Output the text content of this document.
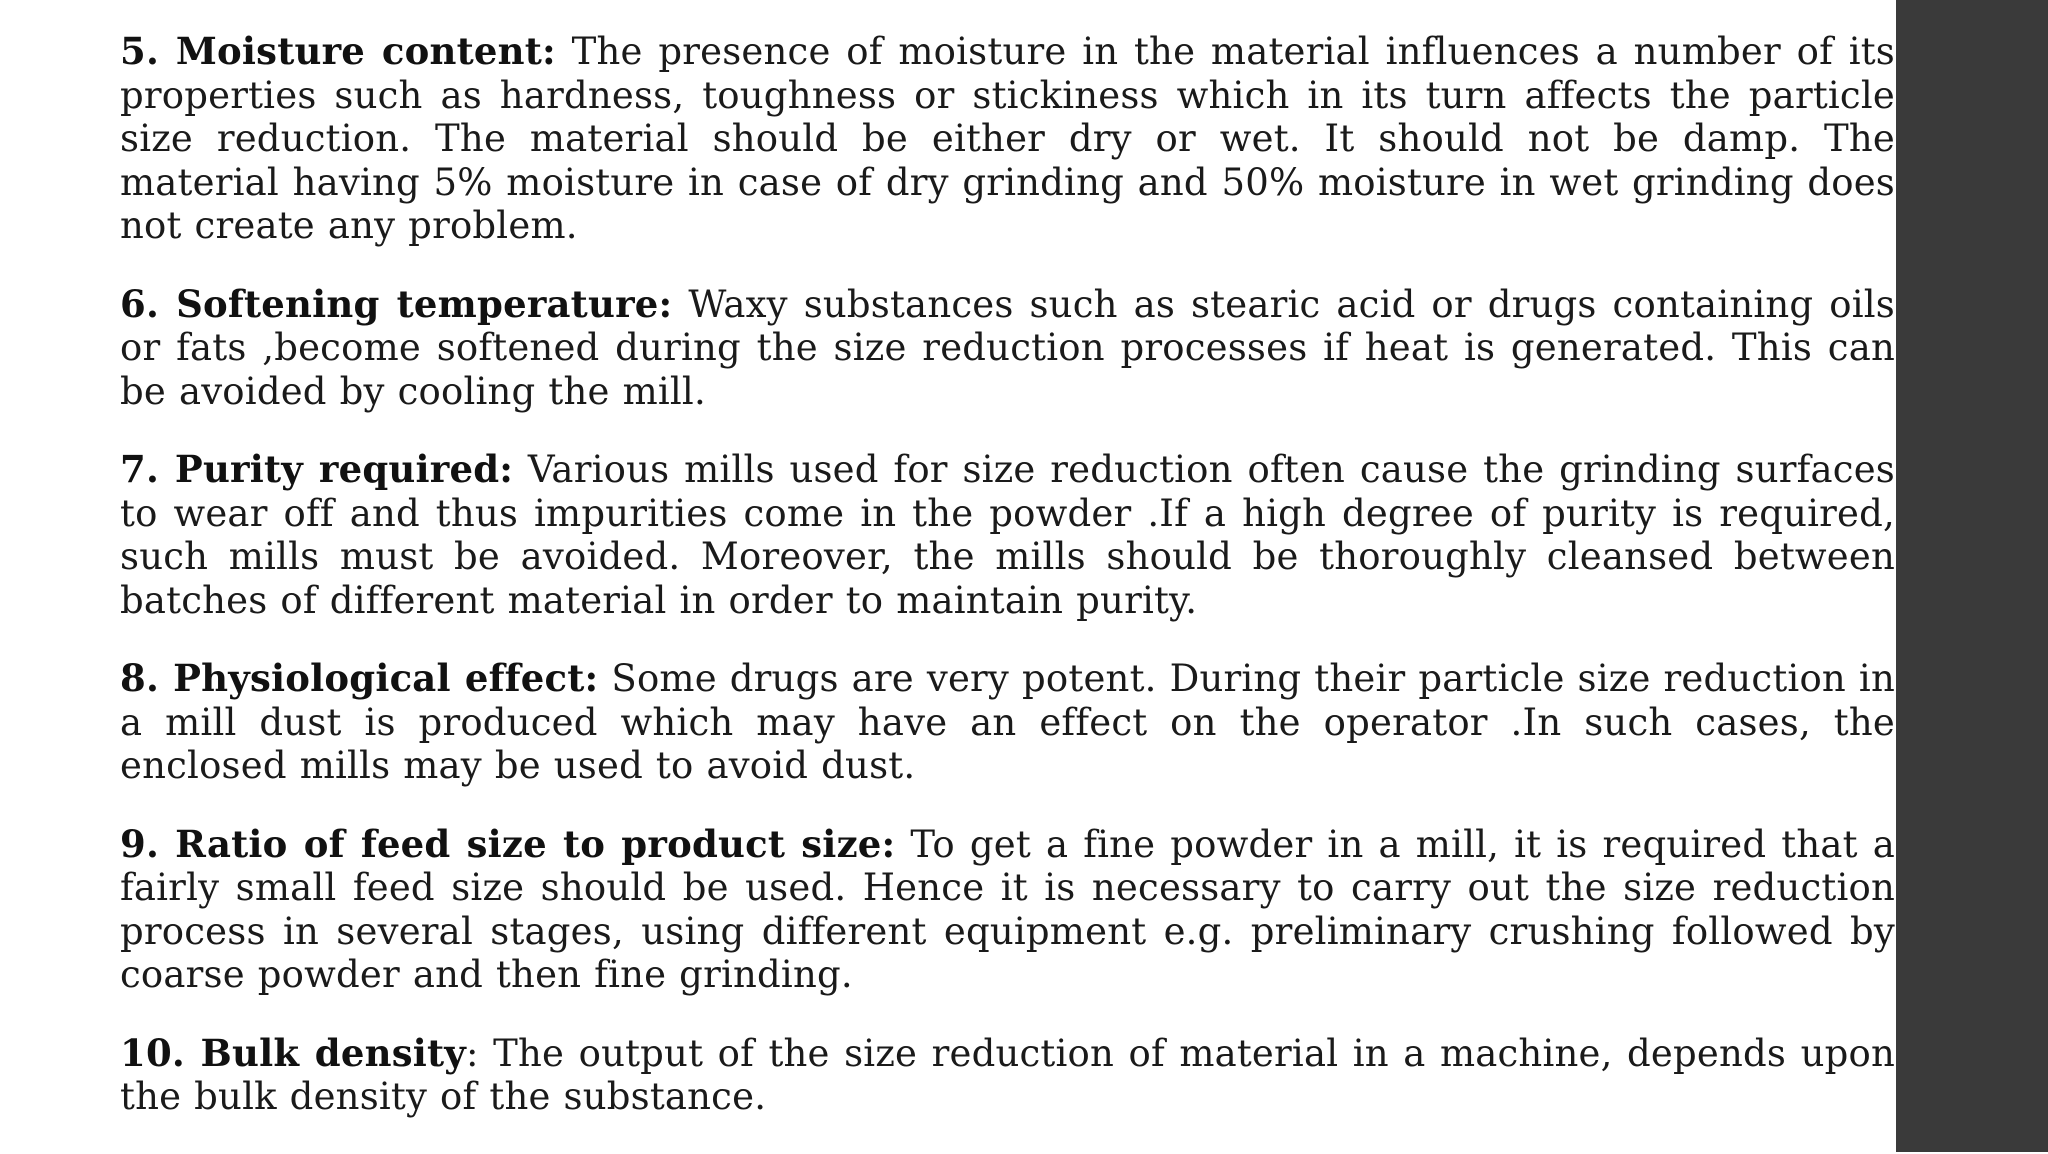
5. Moisture content: The presence of moisture in the material influences a number of its properties such as hardness, toughness or stickiness which in its turn affects the particle size reduction. The material should be either dry or wet. It should not be damp. The material having 5% moisture in case of dry grinding and 50% moisture in wet grinding does not create any problem.

6. Softening temperature: Waxy substances such as stearic acid or drugs containing oils or fats ,become softened during the size reduction processes if heat is generated. This can be avoided by cooling the mill.

7. Purity required: Various mills used for size reduction often cause the grinding surfaces to wear off and thus impurities come in the powder .If a high degree of purity is required, such mills must be avoided. Moreover, the mills should be thoroughly cleansed between batches of different material in order to maintain purity.

8. Physiological effect: Some drugs are very potent. During their particle size reduction in a mill dust is produced which may have an effect on the operator .In such cases, the enclosed mills may be used to avoid dust.

9. Ratio of feed size to product size: To get a fine powder in a mill, it is required that a fairly small feed size should be used. Hence it is necessary to carry out the size reduction process in several stages, using different equipment e.g. preliminary crushing followed by coarse powder and then fine grinding.

10. Bulk density: The output of the size reduction of material in a machine, depends upon the bulk density of the substance.
